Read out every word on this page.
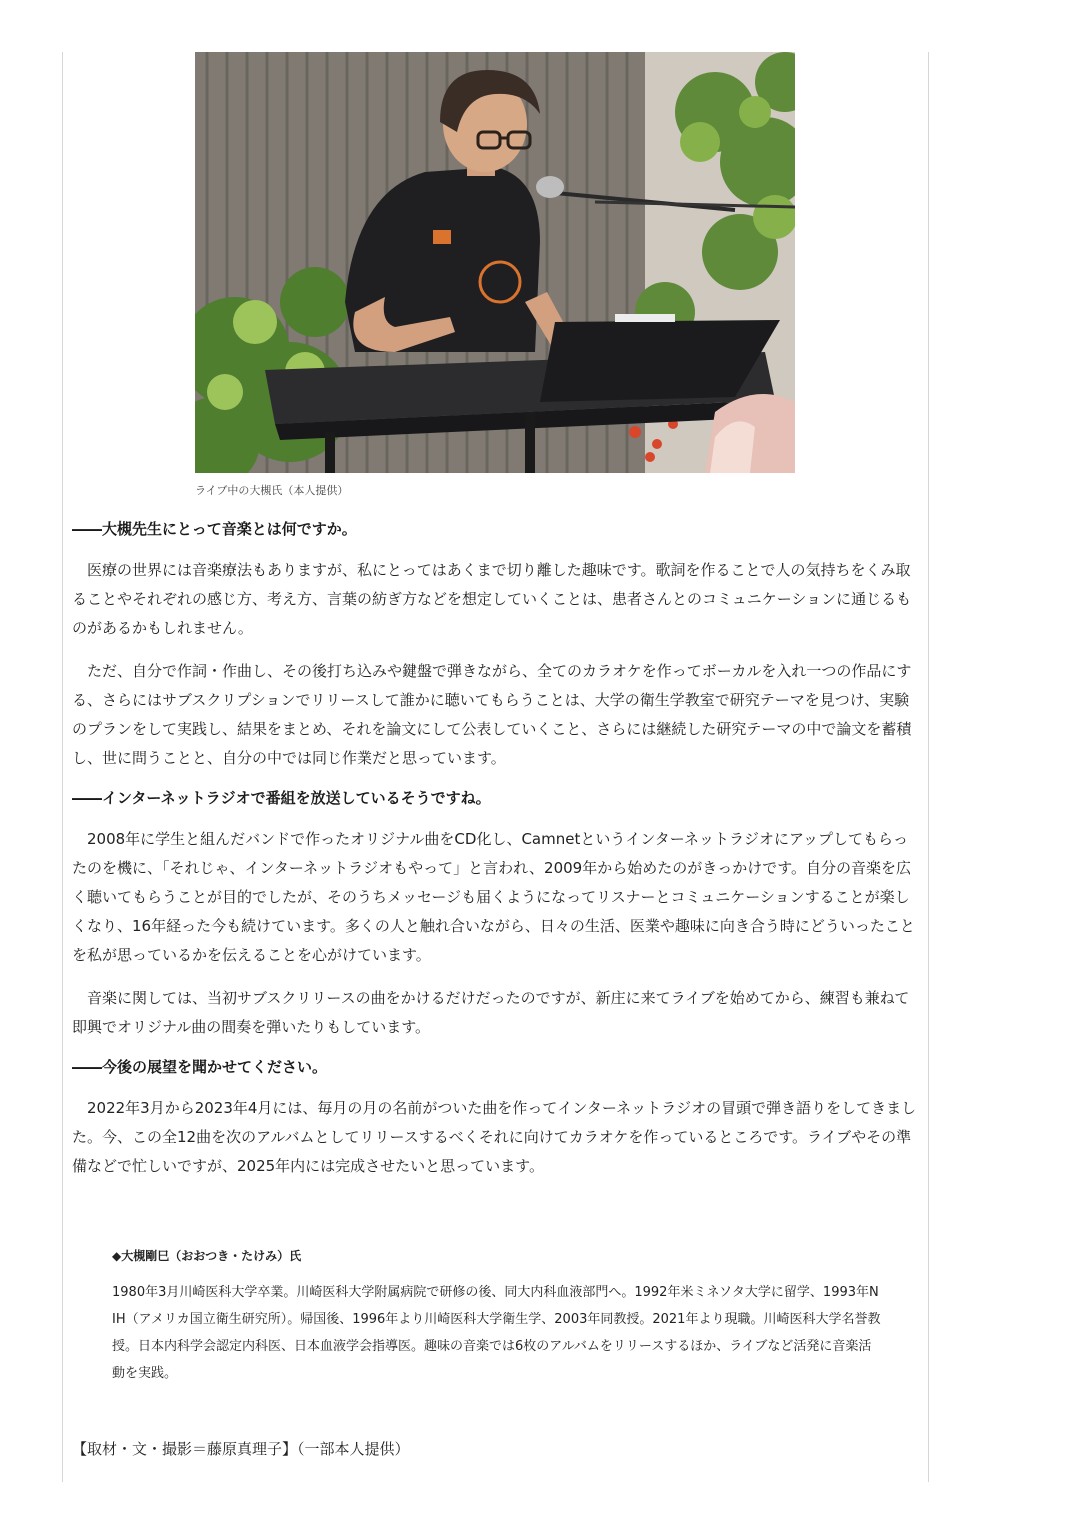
ライブ中の大槻氏（本人提供）
――大槻先生にとって音楽とは何ですか。
医療の世界には音楽療法もありますが、私にとってはあくまで切り離した趣味です。歌詞を作ることで人の気持ちをくみ取ることやそれぞれの感じ方、考え方、言葉の紡ぎ方などを想定していくことは、患者さんとのコミュニケーションに通じるものがあるかもしれません。
ただ、自分で作詞・作曲し、その後打ち込みや鍵盤で弾きながら、全てのカラオケを作ってボーカルを入れ一つの作品にする、さらにはサブスクリプションでリリースして誰かに聴いてもらうことは、大学の衛生学教室で研究テーマを見つけ、実験のプランをして実践し、結果をまとめ、それを論文にして公表していくこと、さらには継続した研究テーマの中で論文を蓄積し、世に問うことと、自分の中では同じ作業だと思っています。
――インターネットラジオで番組を放送しているそうですね。
2008年に学生と組んだバンドで作ったオリジナル曲をCD化し、Camnetというインターネットラジオにアップしてもらったのを機に、「それじゃ、インターネットラジオもやって」と言われ、2009年から始めたのがきっかけです。自分の音楽を広く聴いてもらうことが目的でしたが、そのうちメッセージも届くようになってリスナーとコミュニケーションすることが楽しくなり、16年経った今も続けています。多くの人と触れ合いながら、日々の生活、医業や趣味に向き合う時にどういったことを私が思っているかを伝えることを心がけています。
音楽に関しては、当初サブスクリリースの曲をかけるだけだったのですが、新庄に来てライブを始めてから、練習も兼ねて即興でオリジナル曲の間奏を弾いたりもしています。
――今後の展望を聞かせてください。
2022年3月から2023年4月には、毎月の月の名前がついた曲を作ってインターネットラジオの冒頭で弾き語りをしてきました。今、この全12曲を次のアルバムとしてリリースするべくそれに向けてカラオケを作っているところです。ライブやその準備などで忙しいですが、2025年内には完成させたいと思っています。
◆大槻剛巳（おおつき・たけみ）氏
1980年3月川崎医科大学卒業。川崎医科大学附属病院で研修の後、同大内科血液部門へ。1992年米ミネソタ大学に留学、1993年NIH（アメリカ国立衛生研究所）。帰国後、1996年より川崎医科大学衛生学、2003年同教授。2021年より現職。川崎医科大学名誉教授。日本内科学会認定内科医、日本血液学会指導医。趣味の音楽では6枚のアルバムをリリースするほか、ライブなど活発に音楽活動を実践。
【取材・文・撮影＝藤原真理子】（一部本人提供）
